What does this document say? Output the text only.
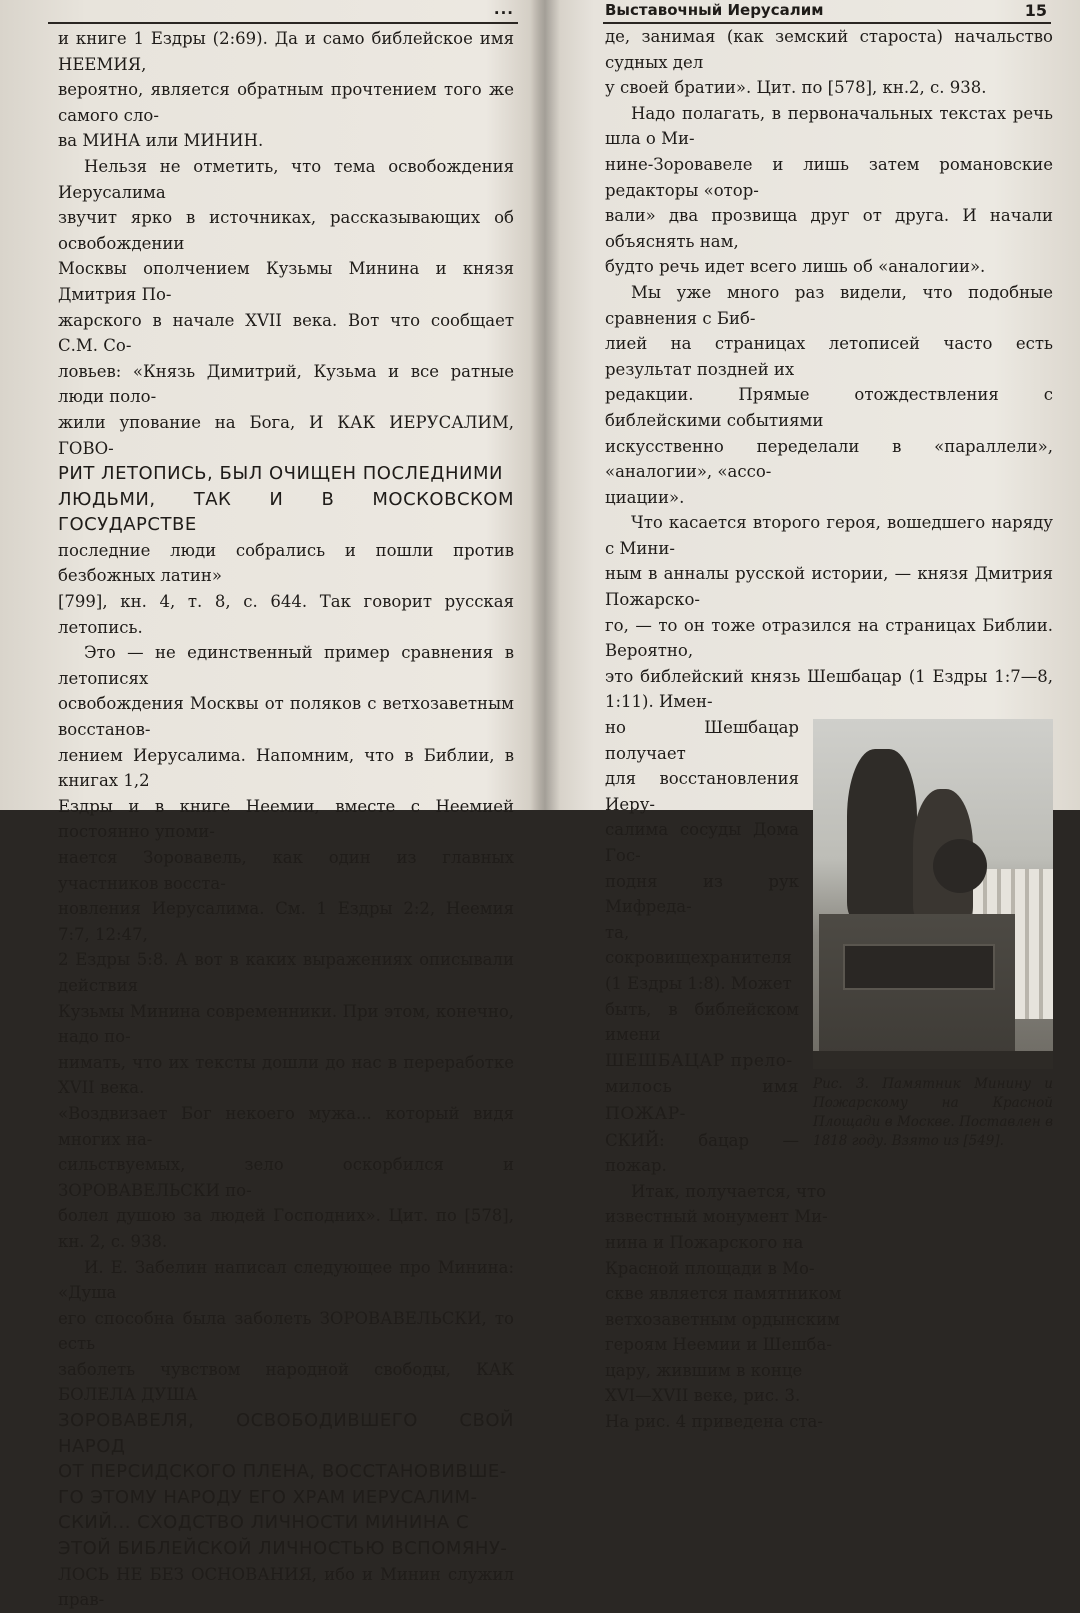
...

и книге 1 Ездры (2:69). Да и само библейское имя НЕЕМИЯ,
вероятно, является обратным прочтением того же самого сло-
ва МИНА или МИНИН.

Нельзя не отметить, что тема освобождения Иерусалима
звучит ярко в источниках, рассказывающих об освобождении
Москвы ополчением Кузьмы Минина и князя Дмитрия По-
жарского в начале XVII века. Вот что сообщает С.М. Со-
ловьев: «Князь Димитрий, Кузьма и все ратные люди поло-
жили упование на Бога, И КАК ИЕРУСАЛИМ, ГОВО-
РИТ ЛЕТОПИСЬ, БЫЛ ОЧИЩЕН ПОСЛЕДНИМИ
ЛЮДЬМИ, ТАК И В МОСКОВСКОМ ГОСУДАРСТВЕ
последние люди собрались и пошли против безбожных латин»
[799], кн. 4, т. 8, с. 644. Так говорит русская летопись.

Это — не единственный пример сравнения в летописях
освобождения Москвы от поляков с ветхозаветным восстанов-
лением Иерусалима. Напомним, что в Библии, в книгах 1,2
Ездры и в книге Неемии, вместе с Неемией постоянно упоми-
нается Зоровавель, как один из главных участников восста-
новления Иерусалима. См. 1 Ездры 2:2, Неемия 7:7, 12:47,
2 Ездры 5:8. А вот в каких выражениях описывали действия
Кузьмы Минина современники. При этом, конечно, надо по-
нимать, что их тексты дошли до нас в переработке XVII века.
«Воздвизает Бог некоего мужа... который видя многих на-
сильствуемых, зело оскорбился и ЗОРОВАВЕЛЬСКИ по-
болел душою за людей Господних». Цит. по [578], кн. 2, с. 938.

И. Е. Забелин написал следующее про Минина: «Душа
его способна была заболеть ЗОРОВАВЕЛЬСКИ, то есть
заболеть чувством народной свободы, КАК БОЛЕЛА ДУША
ЗОРОВАВЕЛЯ, ОСВОБОДИВШЕГО СВОЙ НАРОД
ОТ ПЕРСИДСКОГО ПЛЕНА, ВОССТАНОВИВШЕ-
ГО ЭТОМУ НАРОДУ ЕГО ХРАМ ИЕРУСАЛИМ-
СКИЙ... СХОДСТВО ЛИЧНОСТИ МИНИНА С
ЭТОЙ БИБЛЕЙСКОЙ ЛИЧНОСТЬЮ ВСПОМЯНУ-
ЛОСЬ НЕ БЕЗ ОСНОВАНИЯ, ибо и Минин служил прав-

Выставочный Иерусалим	15

де, занимая (как земский староста) начальство судных дел
у своей братии». Цит. по [578], кн.2, с. 938.

Надо полагать, в первоначальных текстах речь шла о Ми-
нине-Зоровавеле и лишь затем романовские редакторы «отор-
вали» два прозвища друг от друга. И начали объяснять нам,
будто речь идет всего лишь об «аналогии».

Мы уже много раз видели, что подобные сравнения с Биб-
лией на страницах летописей часто есть результат поздней их
редакции. Прямые отождествления с библейскими событиями
искусственно переделали в «параллели», «аналогии», «ассо-
циации».

Что касается второго героя, вошедшего наряду с Мини-
ным в анналы русской истории, — князя Дмитрия Пожарско-
го, — то он тоже отразился на страницах Библии. Вероятно,
это библейский князь Шешбацар (1 Ездры 1:7—8, 1:11). Имен-

Рис. 3. Памятник Минину и Пожарскому на Красной Площади в Москве. Поставлен в 1818 году. Взято из [549].

но Шешбацар получает
для восстановления Иеру-
салима сосуды Дома Гос-
подня из рук Мифреда-
та, сокровищехранителя
(1 Ездры 1:8). Может
быть, в библейском имени
ШЕШБАЦАР прело-
милось имя ПОЖАР-
СКИЙ: бацар — пожар.

Итак, получается, что
известный монумент Ми-
нина и Пожарского на
Красной площади в Мо-
скве является памятником
ветхозаветным ордынским
героям Неемии и Шешба-
цару, жившим в конце
XVI—XVII веке, рис. 3.
На рис. 4 приведена ста-
